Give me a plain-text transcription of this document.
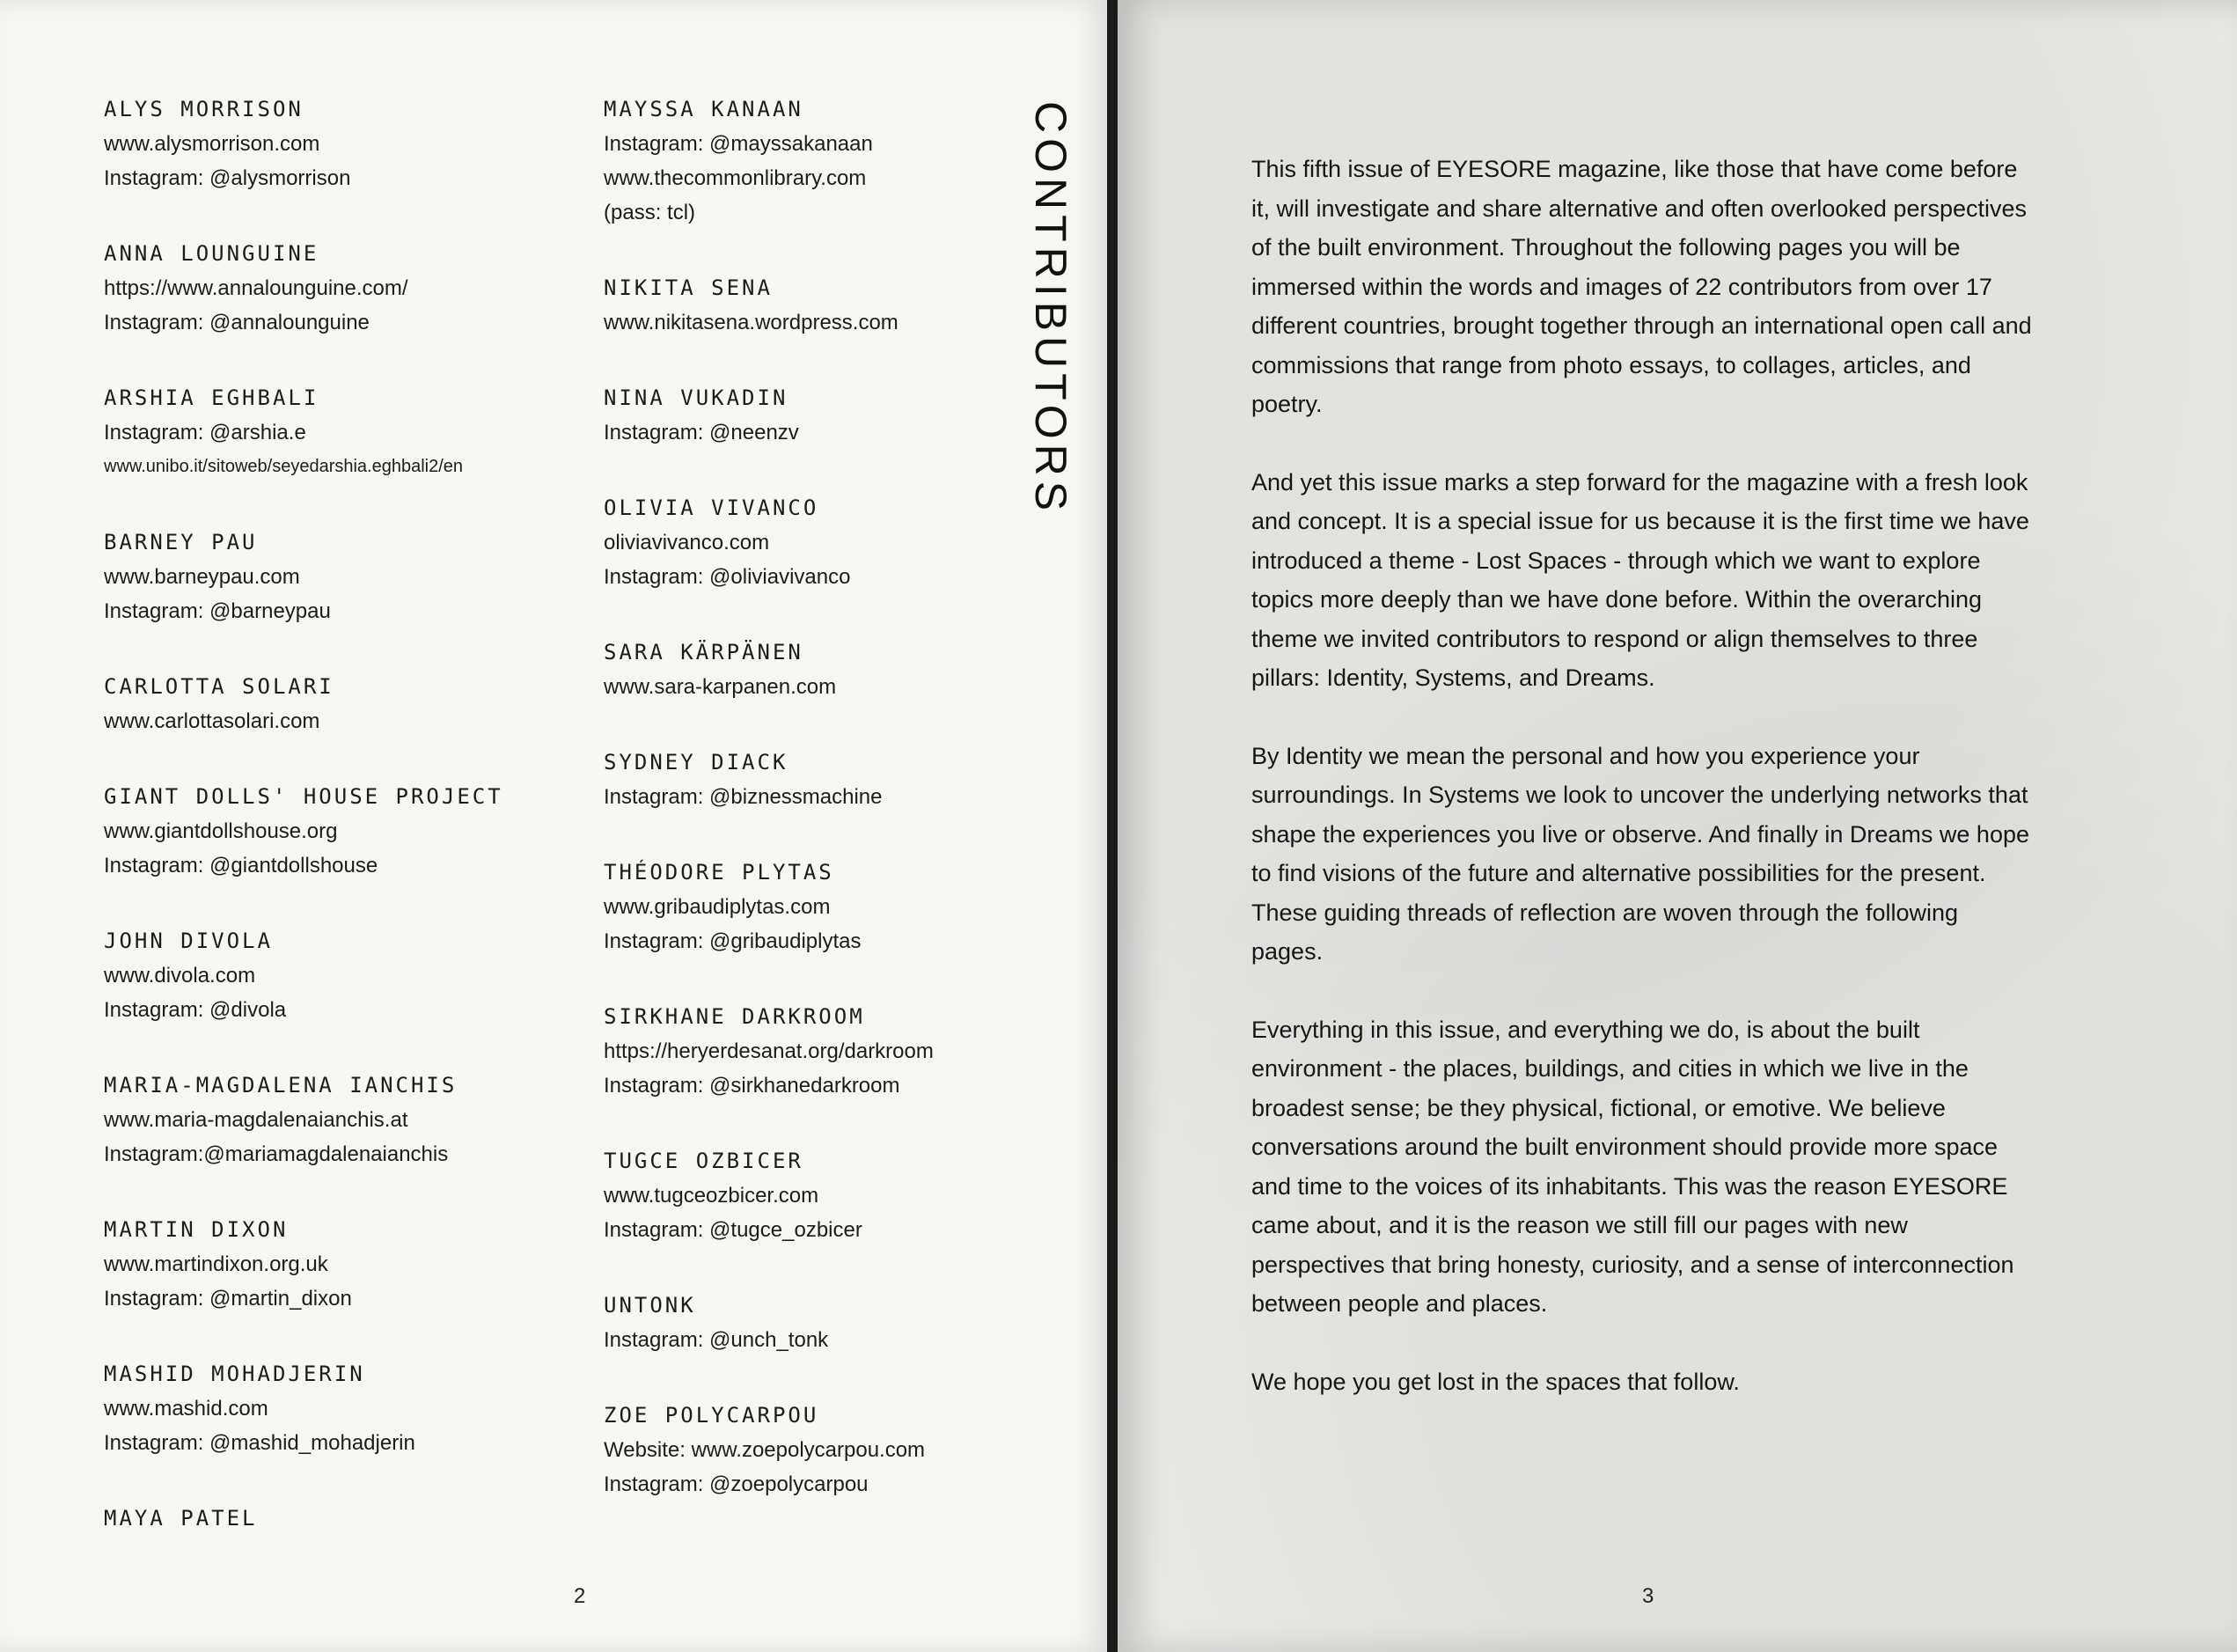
ALYS MORRISON
www.alysmorrison.com
Instagram: @alysmorrison
ANNA LOUNGUINE
https://www.annalounguine.com/
Instagram: @annalounguine
ARSHIA EGHBALI
Instagram: @arshia.e
www.unibo.it/sitoweb/seyedarshia.eghbali2/en
BARNEY PAU
www.barneypau.com
Instagram: @barneypau
CARLOTTA SOLARI
www.carlottasolari.com
GIANT DOLLS' HOUSE PROJECT
www.giantdollshouse.org
Instagram: @giantdollshouse
JOHN DIVOLA
www.divola.com
Instagram: @divola
MARIA-MAGDALENA IANCHIS
www.maria-magdalenaianchis.at
Instagram:@mariamagdalenaianchis
MARTIN DIXON
www.martindixon.org.uk
Instagram: @martin_dixon
MASHID MOHADJERIN
www.mashid.com
Instagram: @mashid_mohadjerin
MAYA PATEL
MAYSSA KANAAN
Instagram: @mayssakanaan
www.thecommonlibrary.com
(pass: tcl)
NIKITA SENA
www.nikitasena.wordpress.com
NINA VUKADIN
Instagram: @neenzv
OLIVIA VIVANCO
oliviavivanco.com
Instagram: @oliviavivanco
SARA KÄRPÄNEN
www.sara-karpanen.com
SYDNEY DIACK
Instagram: @biznessmachine
THÉODORE PLYTAS
www.gribaudiplytas.com
Instagram: @gribaudiplytas
SIRKHANE DARKROOM
https://heryerdesanat.org/darkroom
Instagram: @sirkhanedarkroom
TUGCE OZBICER
www.tugceozbicer.com
Instagram: @tugce_ozbicer
UNTONK
Instagram: @unch_tonk
ZOE POLYCARPOU
Website: www.zoepolycarpou.com
Instagram: @zoepolycarpou
CONTRIBUTORS
2

This fifth issue of EYESORE magazine, like those that have come before it, will investigate and share alternative and often overlooked perspectives of the built environment. Throughout the following pages you will be immersed within the words and images of 22 contributors from over 17 different countries, brought together through an international open call and commissions that range from photo essays, to collages, articles, and poetry.

And yet this issue marks a step forward for the magazine with a fresh look and concept. It is a special issue for us because it is the first time we have introduced a theme - Lost Spaces - through which we want to explore topics more deeply than we have done before. Within the overarching theme we invited contributors to respond or align themselves to three pillars: Identity, Systems, and Dreams.

By Identity we mean the personal and how you experience your surroundings. In Systems we look to uncover the underlying networks that shape the experiences you live or observe. And finally in Dreams we hope to find visions of the future and alternative possibilities for the present. These guiding threads of reflection are woven through the following pages.

Everything in this issue, and everything we do, is about the built environment - the places, buildings, and cities in which we live in the broadest sense; be they physical, fictional, or emotive. We believe conversations around the built environment should provide more space and time to the voices of its inhabitants. This was the reason EYESORE came about, and it is the reason we still fill our pages with new perspectives that bring honesty, curiosity, and a sense of interconnection between people and places.

We hope you get lost in the spaces that follow.

3
